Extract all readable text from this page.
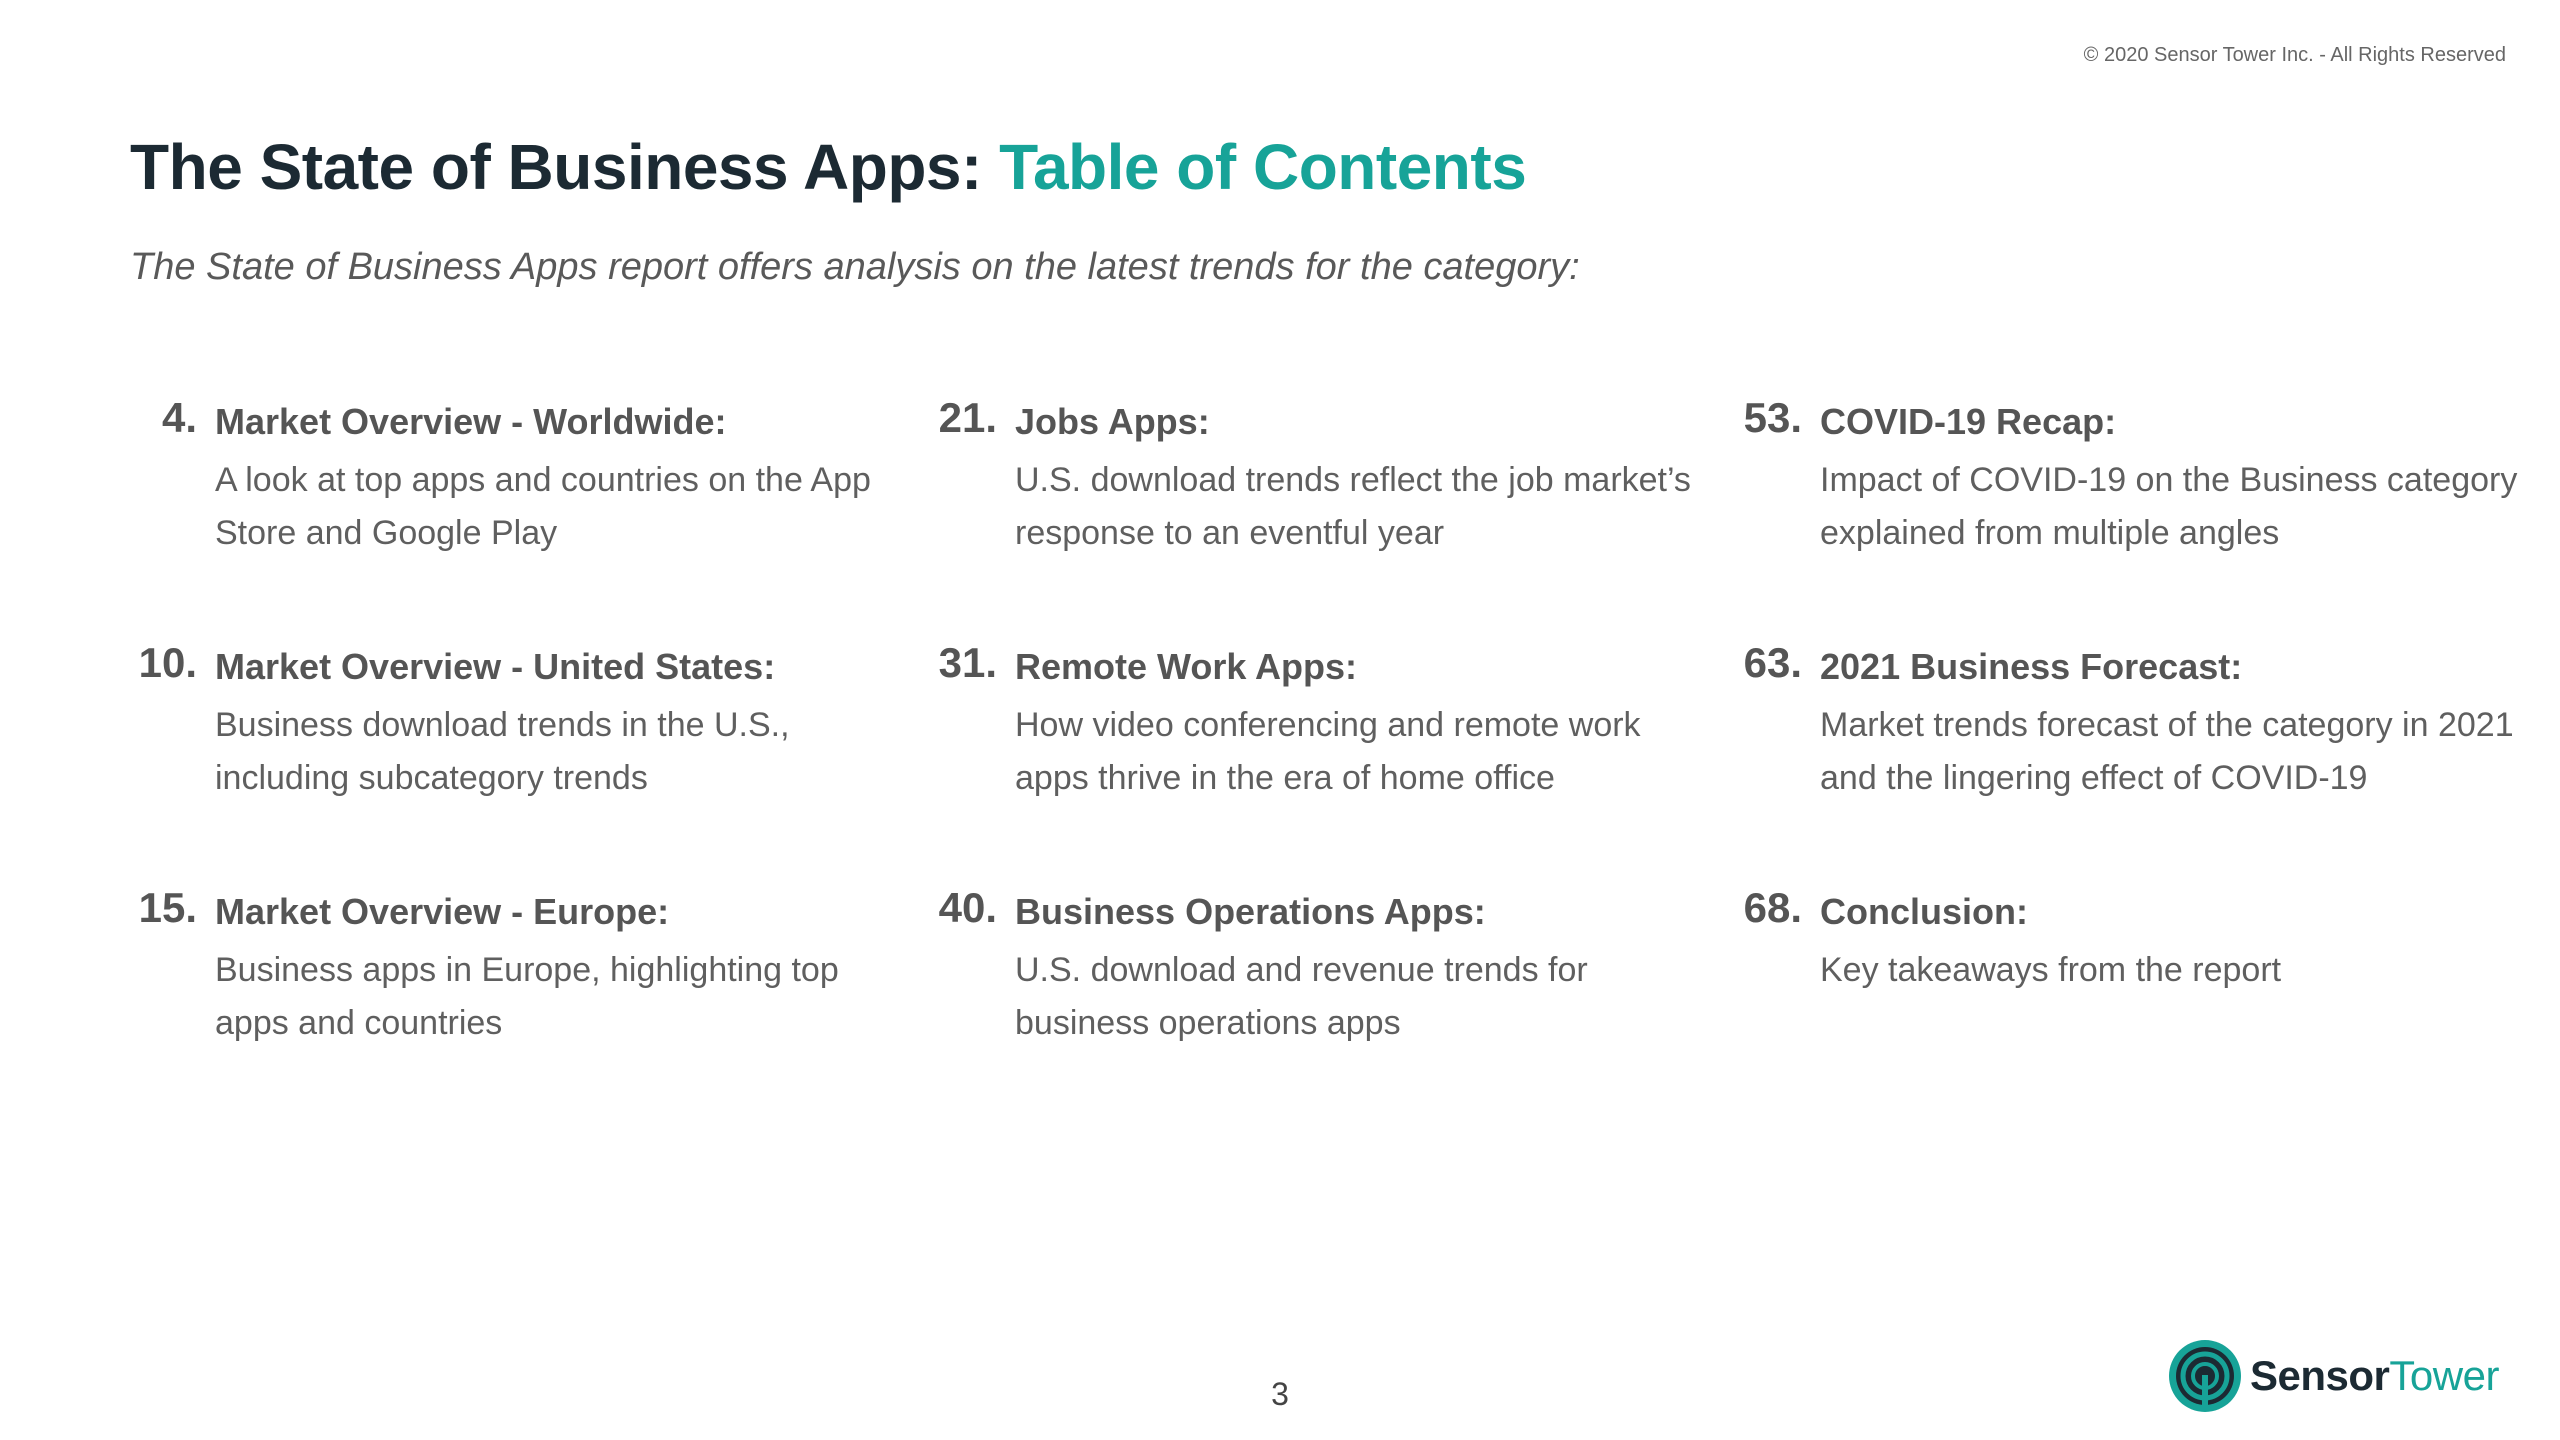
© 2020 Sensor Tower Inc. - All Rights Reserved
The State of Business Apps: Table of Contents

The State of Business Apps report offers analysis on the latest trends for the category:

4. Market Overview - Worldwide:
A look at top apps and countries on the App Store and Google Play
21. Jobs Apps:
U.S. download trends reflect the job market’s response to an eventful year
53. COVID-19 Recap:
Impact of COVID-19 on the Business category explained from multiple angles
10. Market Overview - United States:
Business download trends in the U.S., including subcategory trends
31. Remote Work Apps:
How video conferencing and remote work apps thrive in the era of home office
63. 2021 Business Forecast:
Market trends forecast of the category in 2021 and the lingering effect of COVID-19
15. Market Overview - Europe:
Business apps in Europe, highlighting top apps and countries
40. Business Operations Apps:
U.S. download and revenue trends for business operations apps
68. Conclusion:
Key takeaways from the report
3	SensorTower
